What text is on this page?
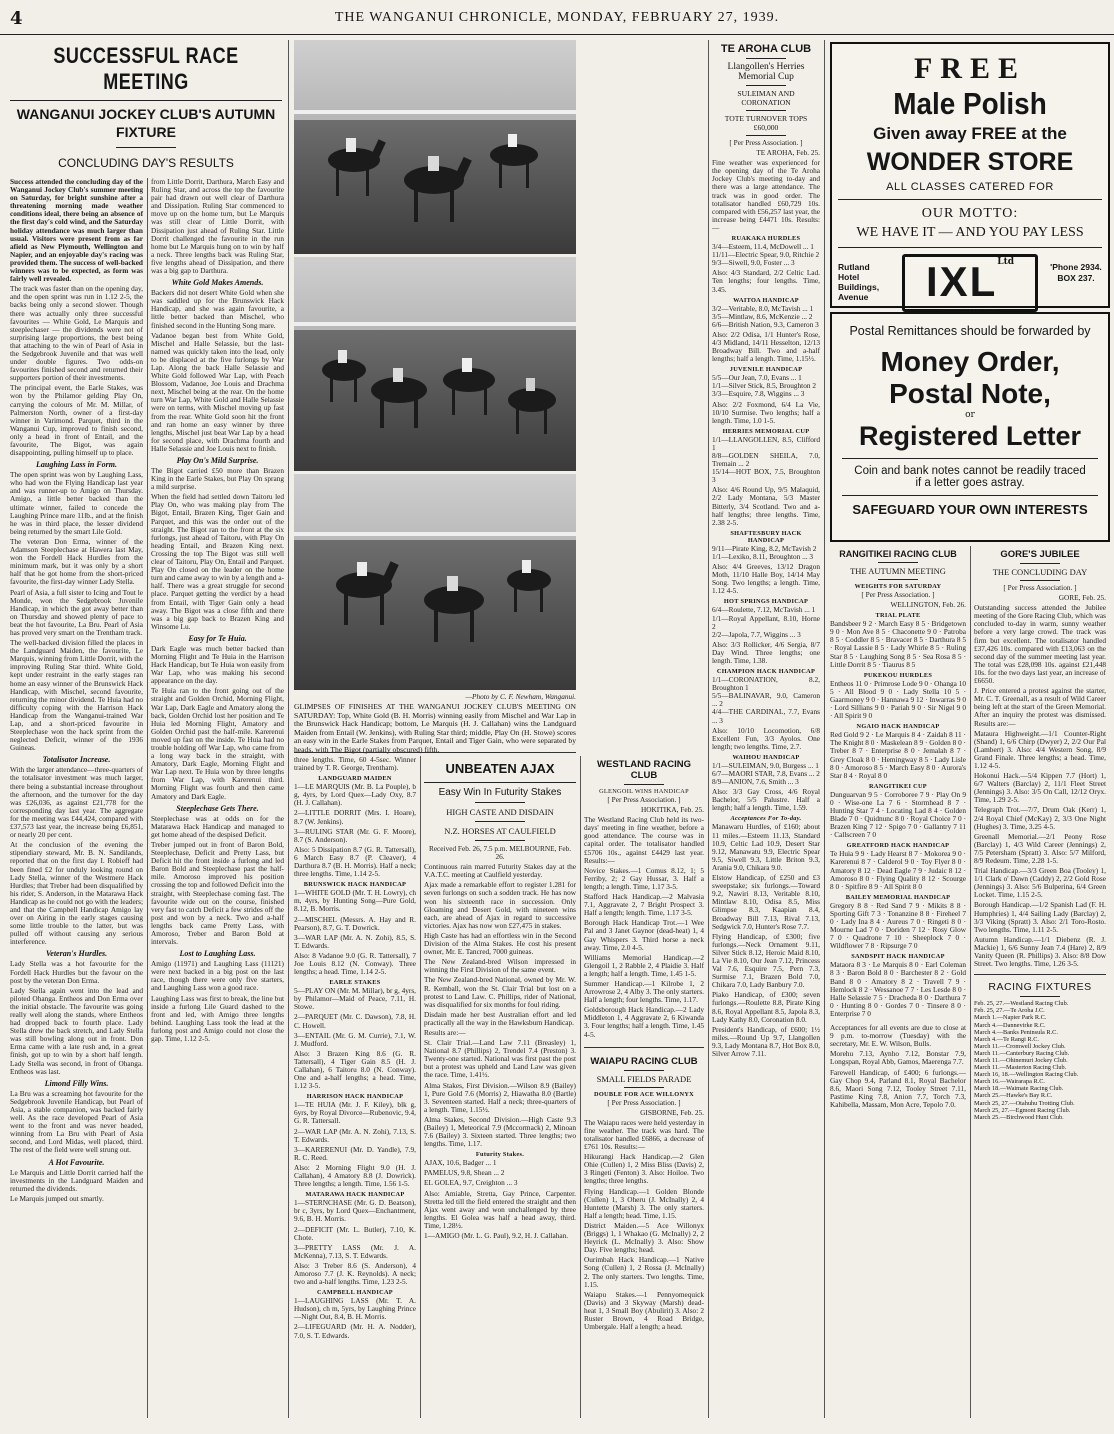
4	THE WANGANUI CHRONICLE, MONDAY, FEBRUARY 27, 1939.
SUCCESSFUL RACE MEETING
WANGANUI JOCKEY CLUB'S AUTUMN FIXTURE
CONCLUDING DAY'S RESULTS

Success attended the concluding day of the Wanganui Jockey Club's summer meeting on Saturday, for bright sunshine after a threatening morning made weather conditions ideal, there being an absence of the first day's cold wind, and the Saturday holiday attendance was much larger than usual. Visitors were present from as far afield as New Plymouth, Wellington and Napier, and an enjoyable day's racing was provided them. The success of well-backed winners was to be expected, as form was fairly well revealed.

The track was faster than on the opening day, and the open sprint was run in 1.12 2-5, the backs being only a second slower. Though there was actually only three successful favourites — White Gold, Le Marquis and steeplechaser — the dividends were not of surprising large proportions, the best being that attaching to the win of Pearl of Asia in the Sedgebrook Juvenile and that was well under double figures. Two odds-on favourites finished second and returned their supporters portion of their investments.

The principal event, the Earle Stakes, was won by the Philamor gelding Play On, carrying the colours of Mr. M. Millar, of Palmerston North, owner of a first-day winner in Varimond. Parquet, third in the Wanganui Cup, improved to finish second, only a head in front of Entail, and the favourite, The Bigot, was again disappointing, pulling himself up to place.

Laughing Lass in Form.

The open sprint was won by Laughing Lass, who had won the Flying Handicap last year and was runner-up to Amigo on Thursday. Amigo, a little better backed than the ultimate winner, failed to concede the Laughing Prince mare 11lb., and at the finish he was in third place, the lesser dividend being returned by the smart Lile Gold.

The veteran Don Erma, winner of the Adamson Steeplechase at Hawera last May, won the Fordell Hack Hurdles from the minimum mark, but it was only by a short half that he got home from the short-priced favourite, the first-day winner Lady Stella.

Pearl of Asia, a full sister to Icing and Tout le Monde, won the Sedgebrook Juvenile Handicap, in which the got away better than on Thursday and showed plenty of pace to beat the hot favourite, La Bru. Pearl of Asia has proved very smart on the Trentham track.

The well-backed division filled the places in the Landguard Maiden, the favourite, Le Marquis, winning from Little Dorrit, with the improving Ruling Star third. White Gold, kept under restraint in the early stages ran home an easy winner of the Brunswick Hack Handicap, with Mischel, second favourite, returning the minor dividend. Te Huia had no difficulty coping with the Harrison Hack Handicap from the Wanganui-trained War Lap, and a short-priced favourite in Steeplechase won the hack sprint from the neglected Deficit, winner of the 1936 Guineas.

Totalisator Increase.

With the larger attendance—three-quarters of the totalisator investment was much larger, there being a substantial increase throughout the afternoon, and the turnover for the day was £26,036, as against £21,778 for the corresponding day last year. The aggregate for the meeting was £44,424, compared with £37,573 last year, the increase being £6,851, or nearly 20 per cent.

At the conclusion of the evening the stipendiary steward, Mr. B. N. Sandilands, reported that on the first day I. Robieff had been fined £2 for unduly looking round on Lady Stella, winner of the Westmere Hack Hurdles; that Treber had been disqualified by his rider, S. Anderson, in the Matarawa Hack Handicap as he could not go with the leaders; and that the Campbell Handicap Amigo lay over on Airing in the early stages causing some little trouble to the latter, but was pulled off without causing any serious interference.

Veteran's Hurdles.

Lady Stella was a hot favourite for the Fordell Hack Hurdles but the favour on the post by the veteran Don Erma.

Lady Stella again went into the lead and piloted Ohanga. Entheos and Don Erma over the initial obstacle. The favourite was going really well along the stands, where Entheos had dropped back to fourth place. Lady Stella drew the back stretch, and Lady Stella was still bowling along out in front. Don Erma came with a late rush and, in a great finish, got up to win by a short half length. Lady Stella was second, in front of Ohanga. Entheos was last.

Limond Filly Wins.

La Bru was a screaming hot favourite for the Sedgebrook Juvenile Handicap, but Pearl of Asia, a stable companion, was backed fairly well. As the race developed Pearl of Asia went to the front and was never headed, winning from La Bru with Pearl of Asia second, and Lord Midas, well placed, third. The rest of the field were well strung out.

A Hot Favourite.

Le Marquis and Little Dorrit carried half the investments in the Landguard Maiden and returned the dividends.

Le Marquis jumped out smartly.

from Little Dorrit, Darthura, March Easy and Ruling Star, and across the top the favourite pair had drawn out well clear of Darthura and Dissipation. Ruling Star commenced to move up on the home turn, but Le Marquis was still clear of Little Dorrit, with Dissipation just ahead of Ruling Star. Little Dorrit challenged the favourite in the run home but Le Marquis hung on to win by half a neck. Three lengths back was Ruling Star, five lengths ahead of Dissipation, and there was a big gap to Darthura.

White Gold Makes Amends.

Backers did not desert White Gold when she was saddled up for the Brunswick Hack Handicap, and she was again favourite, a little better backed than Mischel, who finished second in the Hunting Song mare.

Vadanoe began best from White Gold, Mischel and Halle Selassie, but the last-named was quickly taken into the lead, only to be displaced at the five furlongs by War Lap. Along the back Halle Selassie and White Gold followed War Lap, with Peach Blossom, Vadanoe, Joe Louis and Drachma next, Mischel being at the rear. On the home turn War Lap, White Gold and Halle Selassie were on terms, with Mischel moving up fast from the rear. White Gold soon hit the front and ran home an easy winner by three lengths, Mischel just beat War Lap by a head for second place, with Drachma fourth and Halle Selassie and Joe Louis next to finish.

Play On's Mild Surprise.

The Bigot carried £50 more than Brazen King in the Earle Stakes, but Play On sprang a mild surprise.

When the field had settled down Taitoru led Play On, who was making play from The Bigot, Entail, Brazen King, Tiger Gain and Parquet, and this was the order out of the straight. The Bigot ran to the front at the six furlongs, just ahead of Taitoru, with Play On heading Entail, and Brazen King next. Crossing the top The Bigot was still well clear of Taitoru, Play On, Entail and Parquet. Play On closed on the leader on the home turn and came away to win by a length and a-half. There was a great struggle for second place. Parquet getting the verdict by a head from Entail, with Tiger Gain only a head away. The Bigot was a close fifth and there was a big gap back to Brazen King and Winsome Lu.

Easy for Te Huia.

Dark Eagle was much better backed than Morning Flight and Te Huia in the Harrison Hack Handicap, but Te Huia won easily from War Lap, who was making his second appearance on the day.

Te Huia ran to the front going out of the straight and Golden Orchid, Morning Flight, War Lap, Dark Eagle and Amatory along the back, Golden Orchid lost her position and Te Huia led Morning Flight, Amatory and Golden Orchid past the half-mile. Karerenui moved up fast on the inside. Te Huia had no trouble holding off War Lap, who came from a long way back in the straight, with Amatory, Dark Eagle, Morning Flight and War Lap next. Te Huia won by three lengths from War Lap, with Karerenui third. Morning Flight was fourth and then came Amatory and Dark Eagle.

Steeplechase Gets There.

Steeplechase was at odds on for the Matarawa Hack Handicap and managed to get home ahead of the despised Deficit.

Treber jumped out in front of Baron Bold, Steeplechase, Deficit and Pretty Lass, but Deficit hit the front inside a furlong and led Baron Bold and Steeplechase past the half-mile. Amoroso improved his position crossing the top and followed Deficit into the straight, with Steeplechase coming fast. The favourite wide out on the course, finished very fast to catch Deficit a few strides off the post and won by a neck. Two and a-half lengths back came Pretty Lass, with Amoroso, Treber and Baron Bold at intervals.

Lost to Laughing Lass.

Amigo (11971) and Laughing Lass (11121) were next backed in a big post on the last race, though there were only five starters, and Laughing Lass won a good race.

Laughing Lass was first to break, the line but inside a furlong Lile Guard dashed to the front and led, with Amigo three lengths behind. Laughing Lass took the lead at the furlong post and Amigo could not close the gap. Time, 1.12 2-5.

—Photo by C. F. Newham, Wanganui.
GLIMPSES OF FINISHES AT THE WANGANUI JOCKEY CLUB'S MEETING ON SATURDAY: Top, White Gold (B. H. Morris) winning easily from Mischel and War Lap in the Brunswick Hack Handicap; bottom, Le Marquis (H. J. Callahan) wins the Landguard Maiden from Entail (W. Jenkins), with Ruling Star third; middle, Play On (H. Stowe) scores an easy win in the Earle Stakes from Parquet, Entail and Tiger Gain, who were separated by heads, with The Bigot (partially obscured) fifth.

three lengths. Time, 60 4-5sec. Winner trained by T. R. George, Trentham).

LANDGUARD MAIDEN

1—LE MARQUIS (Mr. B. La Pouple), b g, 4yrs, by Lord Quex—Lady Oxy, 8.7 (H. J. Callahan).

2—LITTLE DORRIT (Mrs. I. Hoare), 8.7 (W. Jenkins).

3—RULING STAR (Mr. G. F. Moore), 8.7 (S. Anderson).

Also: 5 Dissipation 8.7 (G. R. Tattersall), 6 March Easy 8.7 (P. Cleaver), 4 Darthura 8.7 (B. H. Morris). Half a neck; three lengths. Time, 1.14 2-5.

BRUNSWICK HACK HANDICAP

1—WHITE GOLD (Mr. T. H. Lowry), ch m, 4yrs, by Hunting Song—Pure Gold, 8.12, B. Morris.

2—MISCHEL (Messrs. A. Hay and R. Pearson), 8.7, G. T. Dowrick.

3—WAR LAP (Mr. A. N. Zohi), 8.5, S. T. Edwards.

Also: 8 Vadanoe 9.0 (G. R. Tattersall), 7 Joe Louis 8.12 (N. Conway). Three lengths; a head. Time, 1.14 2-5.

EARLE STAKES

5—PLAY ON (Mr. M. Millar), br g, 4yrs, by Philamor—Maid of Peace, 7.11, H. Stowe.

2—PARQUET (Mr. C. Dawson), 7.8, H. C. Howell.

3—ENTAIL (Mr. G. M. Currie), 7.1, W. J. Mudford.

Also: 3 Brazen King 8.6 (G. R. Tattersall), 4 Tiger Gain 8.5 (H. J. Callahan), 6 Taitoru 8.0 (N. Conway). One and a-half lengths; a head. Time, 1.12 3-5.

HARRISON HACK HANDICAP

1—TE HUIA (Mr. J. F. Kiley), blk g, 6yrs, by Royal Divorce—Rubenovic, 9.4, G. R. Tattersall.

2—WAR LAP (Mr. A. N. Zohi), 7.13, S. T. Edwards.

3—KARERENUI (Mr. D. Yandle), 7.9, R. C. Reed.

Also: 2 Morning Flight 9.0 (H. J. Callahan), 4 Amatory 8.8 (J. Dowrick). Three lengths; a length. Time, 1.56 1-5.

MATARAWA HACK HANDICAP

1—STERNCHASE (Mr. G. D. Beatson), br c, 3yrs, by Lord Quex—Enchantment, 9.6, B. H. Morris.

2—DEFICIT (Mr. L. Butler), 7.10, K. Chote.

3—PRETTY LASS (Mr. J. A. McKenna), 7.13, S. T. Edwards.

Also: 3 Treber 8.6 (S. Anderson), 4 Amoroso 7.7 (J. K. Reynolds). A neck; two and a-half lengths. Time, 1.23 2-5.

CAMPBELL HANDICAP

1—LAUGHING LASS (Mr. T. A. Hudson), ch m, 5yrs, by Laughing Prince—Night Out, 8.4, B. H. Morris.

2—LIFEGUARD (Mr. H. A. Nodder), 7.0, S. T. Edwards.

UNBEATEN AJAX
Easy Win In Futurity Stakes
HIGH CASTE AND DISDAIN
N.Z. HORSES AT CAULFIELD
Received Feb. 26, 7.5 p.m. MELBOURNE, Feb. 26.

Continuous rain marred Futurity Stakes day at the V.A.T.C. meeting at Caulfield yesterday.

Ajax made a remarkable effort to register 1.281 for seven furlongs on such a sodden track. He has now won his sixteenth race in succession. Only Gloaming and Desert Gold, with nineteen wins each, are ahead of Ajax in regard to successive victories. Ajax has now won £27,475 in stakes.

High Caste has had an effortless win in the Second Division of the Alma Stakes. He cost his present owner, Mr. E. Tancred, 7000 guineas.

The New Zealand-bred Wilson impressed in winning the First Division of the same event.

The New Zealand-bred National, owned by Mr. W. R. Kemball, won the St. Clair Trial but lost on a protest to Land Law. C. Phillips, rider of National, was disqualified for six months for foul riding.

Disdain made her best Australian effort and led practically all the way in the Hawksburn Handicap.

Results are:—

St. Clair Trial.—Land Law 7.11 (Breasley) 1, National 8.7 (Phillips) 2, Trendel 7.4 (Preston) 3. Twenty-one started. National was first past the post but a protest was upheld and Land Law was given the race. Time, 1.41½.

Alma Stakes, First Division.—Wilson 8.9 (Bailey) 1, Pure Gold 7.6 (Morris) 2, Hiawatha 8.0 (Bartle) 3. Seventeen started. Half a neck; three-quarters of a length. Time, 1.15½.

Alma Stakes, Second Division.—High Caste 9.3 (Bailey) 1, Meteorical 7.9 (Mccormack) 2, Minoan 7.6 (Bailey) 3. Sixteen started. Three lengths; two lengths. Time, 1.17.

Futurity Stakes.

AJAX, 10.6, Badger ... 1

PAMELUS, 9.8, Shean ... 2

EL GOLEA, 9.7, Creighton ... 3

Also: Amiable, Stretta, Gay Prince, Carpenter. Stretta led till the field entered the straight and then Ajax went away and won unchallenged by three lengths. El Golea was half a head away, third. Time, 1.28½.

1—AMIGO (Mr. L. G. Paul), 9.2, H. J. Callahan.

WESTLAND RACING CLUB
GLENGOIL WINS HANDICAP
[ Per Press Association. ]
HOKITIKA, Feb. 25.

The Westland Racing Club held its two-days' meeting in fine weather, before a good attendance. The course was in capital order. The totalisator handled £5706 10s., against £4429 last year. Results:—

Novice Stakes.—1 Comus 8.12, 1; 5 Ferriby, 2; 2 Gay Hussar, 3. Half a length; a length. Time, 1.17 3-5.

Stafford Hack Handicap.—2 Malvasia 7.1, Aggravate 2, 7 Bright Prospect 3. Half a length; length. Time, 1.17 3-5.

Borough Hack Handicap Trot.—1 Wee Pal and 3 Janet Gaynor (dead-heat) 1, 4 Gay Whispers 3. Third horse a neck away. Time, 2.0 4-5.

Williams Memorial Handicap.—2 Glengoil 1, 2 Rabble 2, 4 Plaidie 3. Half a length; half a length. Time, 1.45 1-5.

Summer Handicap.—1 Kilrobe 1, 2 Arrowrose 2, 4 Alby 3. The only starters. Half a length; four lengths. Time, 1.17.

Goldsborough Hack Handicap.—2 Lady Middleton 1, 4 Aggravate 2, 6 Kiwanda 3. Four lengths; half a length. Time, 1.45 4-5.

WAIAPU RACING CLUB
SMALL FIELDS PARADE
DOUBLE FOR ACE WILLONYX
[ Per Press Association. ]
GISBORNE, Feb. 25.

The Waiapu races were held yesterday in fine weather. The track was hard. The totalisator handled £6866, a decrease of £761 10s. Results:—

Hikurangi Hack Handicap.—2 Glen Ohie (Cullen) 1, 2 Miss Bliss (Davis) 2, 3 Ringeti (Fenton) 3. Also: Hoiloe. Two lengths; three lengths.

Flying Handicap.—1 Golden Blonde (Cullen) 1, 3 Oheru (J. McInally) 2, 4 Huntette (Marsh) 3. The only starters. Half a length; head. Time, 1.15.

District Maiden.—5 Ace Willonyx (Briggs) 1, 1 Whakao (G. McInally) 2, 2 Heyrick (L. McInally) 3. Also: Show Day. Five lengths; head.

Ourimbah Hack Handicap.—1 Native Song (Cullen) 1, 2 Rossa (J. McInally) 2. The only starters. Two lengths. Time, 1.15.

Waiapu Stakes.—1 Pennyomequick (Davis) and 3 Skyway (Marsh) dead-heat 1, 3 Small Boy (Abulirit) 3. Also: 2 Ruster Brown, 4 Road Bridge, Umbergale. Half a length; a head.

TE AROHA CLUB
Llangollen's Herries Memorial Cup
SULEIMAN AND CORONATION
TOTE TURNOVER TOPS £60,000
[ Per Press Association. ]
TE AROHA, Feb. 25.

Fine weather was experienced for the opening day of the Te Aroha Jockey Club's meeting to-day and there was a large attendance. The track was in good order. The totalisator handled £60,729 10s. compared with £56,257 last year, the increase being £4471 10s. Results:—

RUAKAKA HURDLES

3/4—Esteem, 11.4, McDowell ... 1
11/11—Electric Spear, 9.0, Ritchie 2
9/3—Siwell, 9.0, Foster ... 3

Also: 4/3 Standard, 2/2 Celtic Lad. Ten lengths; four lengths. Time, 3.45.

WAITOA HANDICAP

3/2—Veritable, 8.0, McTavish ... 1
3/5—Mintlaw, 8.6, McKenzie ... 2
6/6—British Nation, 9.3, Cameron 3

Also: 2/2 Odisa, 1/1 Hunter's Rose, 4/3 Midland, 14/11 Hesselton, 12/13 Broadway Bill. Two and a-half lengths; half a length. Time, 1.15½.

JUVENILE HANDICAP

5/5—Our Jean, 7.0, Evans ... 1
1/1—Silver Stick, 8.5, Broughton 2
3/3—Esquire, 7.8, Wiggins ... 3

Also: 2/2 Foxmond, 6/4 La Vie, 10/10 Surmise. Two lengths; half a length. Time, 1.0 1-5.

HERRIES MEMORIAL CUP

1/1—LLANGOLLEN, 8.5, Clifford 1
8/8—GOLDEN SHEILA, 7.0, Tremain ... 2
15/14—HOT BOX, 7.5, Broughton 3

Also: 4/6 Round Up, 9/5 Malaquid, 2/2 Lady Montana, 5/3 Master Bitterly, 3/4 Scotland. Two and a-half lengths; three lengths. Time, 2.38 2-5.

SHAFTESBURY HACK HANDICAP

9/11—Pirate King, 8.2, McTavish 2
1/1—Lexiko, 8.11, Broughton ... 3

Also: 4/4 Greeves, 13/12 Dragon Moth, 11/10 Halle Boy, 14/14 May Song. Two lengths; a length. Time, 1.12 4-5.

HOT SPRINGS HANDICAP

6/4—Roulette, 7.12, McTavish ... 1
1/1—Royal Appellant, 8.10, Horne 2
2/2—Japola, 7.7, Wiggins ... 3

Also: 3/3 Rollicker, 4/6 Sergia, 8/7 Day Wind. Three lengths; one length. Time, 1.38.

CHAMPION HACK HANDICAP

1/1—CORONATION, 8.2, Broughton 1
5/5—BALINAVAR, 9.0, Cameron ... 2
4/4—THE CARDINAL, 7.7, Evans ... 3

Also: 10/10 Locomotion, 6/8 Excellent Fun, 3/3 Ayolos. One length; two lengths. Time, 2.7.

WAIHOU HANDICAP

1/1—SULEIMAN, 9.0, Burgess ... 1
6/7—MAORI STAR, 7.8, Evans ... 2
8/9—ANION, 7.6, Smith ... 3

Also: 3/3 Gay Cross, 4/6 Royal Bachelor, 5/5 Palustre. Half a length; half a length. Time, 1.59.

Acceptances For To-day.

Manawaru Hurdles, of £160; about 11 miles.—Esteem 11.13, Standard 10.9, Celtic Lad 10.9, Desert Star 9.12, Manawatu 9.9, Electric Spear 9.5, Siwell 9.3, Little Briton 9.3, Arania 9.0, Chikara 9.0.

Elstow Handicap, of £250 and £3 sweepstake; six furlongs.—Toward 9.2, Nawiri 8.13, Veritable 8.10, Mintlaw 8.10, Odisa 8.5, Miss Glimpse 8.3, Kaapian 8.4, Broadway Bill 7.13, Rival 7.13, Sedgwick 7.0, Hunter's Rose 7.7.

Flying Handicap, of £300; five furlongs.—Neck Ornament 9.11, Silver Stick 8.12, Heroic Maid 8.10, La Vie 8.10, Our Jean 7.12, Princess Val 7.6, Esquire 7.5, Pern 7.3, Surmise 7.1, Brazen Bold 7.0, Chikara 7.0, Lady Banbury 7.0.

Piako Handicap, of £300; seven furlongs.—Roulette 8.8, Pirate King 8.6, Royal Appellant 8.5, Japola 8.3, Lady Kathy 8.0, Coronation 8.0.

President's Handicap, of £600; 1½ miles.—Round Up 9.7, Llangollen 9.3, Lady Montana 8.7, Hot Box 8.0, Silver Arrow 7.11.

FREE
Male Polish
Given away FREE at the
WONDER STORE
ALL CLASSES CATERED FOR
OUR MOTTO:
WE HAVE IT — AND YOU PAY LESS
Rutland Hotel Buildings, Avenue	$IXL^{Ltd}$	'Phone 2934. BOX 237.
Postal Remittances should be forwarded by
Money Order,
Postal Note,
or
Registered Letter
Coin and bank notes cannot be readily traced
if a letter goes astray.
SAFEGUARD YOUR OWN INTERESTS
RANGITIKEI RACING CLUB
THE AUTUMN MEETING
WEIGHTS FOR SATURDAY
[ Per Press Association. ]
WELLINGTON, Feb. 26.
TRIAL PLATE

Bandsbeer 9 2 · March Easy 8 5 · Bridgetown 9 0 · Mon Ave 8 5 · Chaconette 9 0 · Patroba 8 5 · Coddler 8 5 · Bravacer 8 5 · Darthura 8 5 · Royal Lassie 8 5 · Lady Whirle 8 5 · Ruling Star 8 5 · Laughing Song 8 5 · Sea Rosa 8 5 · Little Dorrit 8 5 · Tiaurus 8 5

PUKEKOU HURDLES

Entheos 11 0 · Primrose Lode 9 0 · Ohanga 10 5 · All Blood 9 0 · Lady Stella 10 5 · Gaarmoney 9 0 · Hannawa 9 12 · Inwarras 9 0 · Lord Sillians 9 0 · Pariah 9 0 · Sir Nigel 9 0 · All Spirit 9 0

NGAIO HACK HANDICAP

Red Gold 9 2 · Le Marquis 8 4 · Zaidah 8 11 · The Knight 8 0 · Maskelean 8 9 · Golden 8 0 · Treber 8 7 · Enterprise 8 0 · Jemalah 8 7 · Grey Cloak 8 0 · Hemingway 8 5 · Lady Lisle 8 0 · Amoroso 8 5 · March Easy 8 0 · Aurora's Star 8 4 · Royal 8 0

RANGITIKEI CUP

Dunguarvan 9 5 · Corroboree 7 9 · Play On 9 0 · Wise-one La 7 6 · Stormhead 8 7 · Hunting Star 7 4 · Locating Lad 8 4 · Golden Blade 7 0 · Quidnunc 8 0 · Royal Choice 7 0 · Brazen King 7 12 · Spigo 7 0 · Gallantry 7 11 · Callscreen 7 0

GREATFORD HACK HANDICAP

Te Huia 9 9 · Lady Hearst 8 7 · Mokorea 9 0 · Karerenui 8 7 · Calderol 9 0 · Toy Flyer 8 0 · Amatory 8 12 · Dead Eagle 7 9 · Judaic 8 12 · Amoroso 8 0 · Flying Quality 8 12 · Scourge 8 0 · Spitfire 8 9 · All Spirit 8 0

BAILEY MEMORIAL HANDICAP

Gregory 8 8 · Red Sand 7 9 · Mikits 8 8 · Sporting Gift 7 3 · Tonanzine 8 8 · Fireheel 7 0 · Lady Ina 8 4 · Aureus 7 0 · Ringeti 8 0 · Mourne Lad 7 0 · Doriden 7 12 · Rosy Glow 7 0 · Quadrone 7 10 · Sheeplock 7 0 · Wildflower 7 8 · Ripsurge 7 0

SANDSPIT HACK HANDICAP

Mataora 8 3 · Le Marquis 8 0 · Earl Coleman 8 3 · Baron Bold 8 0 · Barchester 8 2 · Gold Band 8 0 · Amatory 8 2 · Travell 7 9 · Hemlock 8 2 · Wessanoe 7 7 · Les Lesde 8 0 · Halle Selassie 7 5 · Dracheda 8 0 · Darthura 7 0 · Hunting 8 0 · Gordes 7 0 · Tinsere 8 0 · Enterprise 7 0

Acceptances for all events are due to close at 9 p.m. to-morrow (Tuesday) with the secretary, Mr. E. W. Wilson, Bulls.

Morehu 7.13, Aynho 7.12, Bonstar 7.9, Longspan, Royal Abb, Gamos, Maerenga 7.7.

Farewell Handicap, of £400; 6 furlongs.—Gay Chop 9.4, Parland 8.1, Royal Bachelor 8.6, Maori Song 7.12, Tooley Street 7.11, Pastime King 7.8, Anion 7.7, Torch 7.3, Kahibella, Massam, Mon Acre, Tepolo 7.0.

GORE'S JUBILEE
THE CONCLUDING DAY
[ Per Press Association. ]
GORE, Feb. 25.

Outstanding success attended the Jubilee meeting of the Gore Racing Club, which was concluded to-day in warm, sunny weather before a very large crowd. The track was firm but excellent. The totalisator handled £37,426 10s. compared with £13,063 on the second day of the summer meeting last year. The total was £28,098 10s. against £21,448 10s. for the two days last year, an increase of £6650.

J. Price entered a protest against the starter, Mr. C. T. Greenall, as a result of Wild Career being left at the start of the Green Memorial. After an inquiry the protest was dismissed. Results are:—

Mataura Highweight.—1/1 Counter-Right (Shand) 1, 6/6 Chirp (Dwyer) 2, 2/2 Our Pal (Lambert) 3. Also: 4/4 Western Song, 8/9 Grand Finale. Three lengths; a head. Time, 1.12 4-5.

Hokonui Hack.—5/4 Kippen 7.7 (Hort) 1, 6/7 Walters (Barclay) 2, 11/1 Fleet Street (Jennings) 3. Also: 3/5 On Call, 12/12 Oryx. Time, 1.29 2-5.

Telegraph Trot.—7/7, Drum Oak (Kerr) 1, 2/4 Royal Chief (McKay) 2, 3/3 One Night (Hughes) 3. Time, 3.25 4-5.

Greenall Memorial.—2/1 Peony Rose (Barclay) 1, 4/3 Wild Career (Jennings) 2, 7/5 Petersham (Spratt) 3. Also: 5/7 Milford, 8/9 Redeum. Time, 2.28 1-5.

Trial Handicap.—3/3 Green Boa (Tooley) 1, 1/1 Clark o' Dawn (Caddy) 2, 2/2 Gold Rose (Jennings) 3. Also: 5/6 Bulperina, 6/4 Green Locket. Time, 1.15 2-5.

Borough Handicap.—1/2 Spanish Lad (F. H. Humphries) 1, 4/4 Sailing Lady (Barclay) 2, 3/3 Viking (Spratt) 3. Also: 2/1 Toro-Rosto. Two lengths. Time, 1.11 2-5.

Autumn Handicap.—1/1 Diebenz (R. J. Mackie) 1, 6/6 Sunny Jean 7.4 (Hare) 2, 8/9 Vanity Queen (R. Phillips) 3. Also: 8/8 Dow Street. Two lengths. Time, 1.26 3-5.

RACING FIXTURES
Feb. 25, 27.—Westland Racing Club.
Feb. 25, 27.—Te Aroha J.C.
March 1.—Napier Park R.C.
March 4.—Dannevirke R.C.
March 4.—Banks Peninsula R.C.
March 4.—Te Rangi R.C.
March 11.—Cromwell Jockey Club.
March 11.—Canterbury Racing Club.
March 11.—Ohinemuri Jockey Club.
March 11.—Masterton Racing Club.
March 16, 18.—Wellington Racing Club.
March 16.—Wairarapa R.C.
March 18.—Waimate Racing Club.
March 25.—Hawke's Bay R.C.
March 25, 27.—Otahuhu Trotting Club.
March 25, 27.—Egmont Racing Club.
March 25.—Birchwood Hunt Club.
